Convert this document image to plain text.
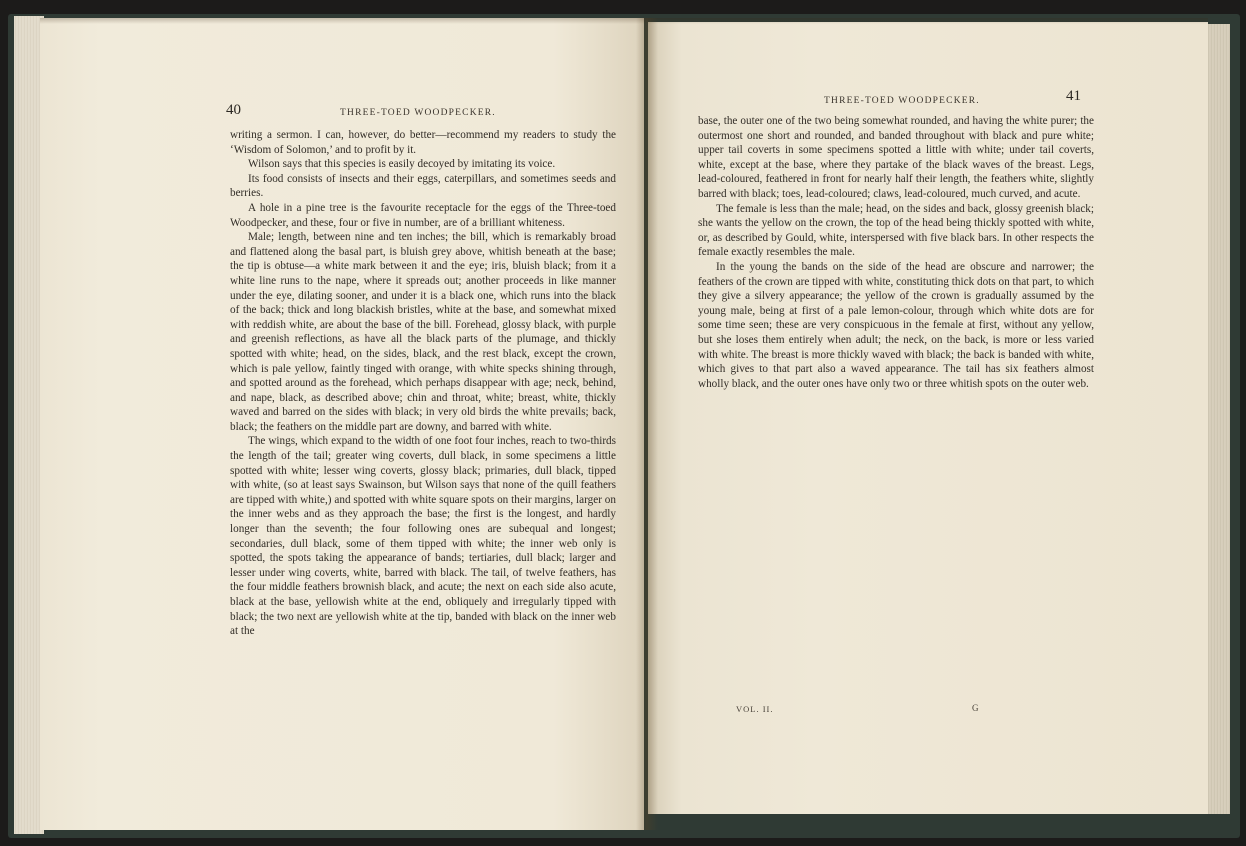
40	THREE-TOED WOODPECKER.

writing a sermon. I can, however, do better—recommend my readers to study the ‘Wisdom of Solomon,’ and to profit by it.

Wilson says that this species is easily decoyed by imitating its voice.

Its food consists of insects and their eggs, caterpillars, and sometimes seeds and berries.

A hole in a pine tree is the favourite receptacle for the eggs of the Three-toed Woodpecker, and these, four or five in number, are of a brilliant whiteness.

Male; length, between nine and ten inches; the bill, which is remarkably broad and flattened along the basal part, is bluish grey above, whitish beneath at the base; the tip is obtuse—a white mark between it and the eye; iris, bluish black; from it a white line runs to the nape, where it spreads out; another proceeds in like manner under the eye, dilating sooner, and under it is a black one, which runs into the black of the back; thick and long blackish bristles, white at the base, and somewhat mixed with reddish white, are about the base of the bill. Forehead, glossy black, with purple and greenish reflections, as have all the black parts of the plumage, and thickly spotted with white; head, on the sides, black, and the rest black, except the crown, which is pale yellow, faintly tinged with orange, with white specks shining through, and spotted around as the forehead, which perhaps disappear with age; neck, behind, and nape, black, as described above; chin and throat, white; breast, white, thickly waved and barred on the sides with black; in very old birds the white prevails; back, black; the feathers on the middle part are downy, and barred with white.

The wings, which expand to the width of one foot four inches, reach to two-thirds the length of the tail; greater wing coverts, dull black, in some specimens a little spotted with white; lesser wing coverts, glossy black; primaries, dull black, tipped with white, (so at least says Swainson, but Wilson says that none of the quill feathers are tipped with white,) and spotted with white square spots on their margins, larger on the inner webs and as they approach the base; the first is the longest, and hardly longer than the seventh; the four following ones are subequal and longest; secondaries, dull black, some of them tipped with white; the inner web only is spotted, the spots taking the appearance of bands; tertiaries, dull black; larger and lesser under wing coverts, white, barred with black. The tail, of twelve feathers, has the four middle feathers brownish black, and acute; the next on each side also acute, black at the base, yellowish white at the end, obliquely and irregularly tipped with black; the two next are yellowish white at the tip, banded with black on the inner web at the

THREE-TOED WOODPECKER.	41

base, the outer one of the two being somewhat rounded, and having the white purer; the outermost one short and rounded, and banded throughout with black and pure white; upper tail coverts in some specimens spotted a little with white; under tail coverts, white, except at the base, where they partake of the black waves of the breast. Legs, lead-coloured, feathered in front for nearly half their length, the feathers white, slightly barred with black; toes, lead-coloured; claws, lead-coloured, much curved, and acute.

The female is less than the male; head, on the sides and back, glossy greenish black; she wants the yellow on the crown, the top of the head being thickly spotted with white, or, as described by Gould, white, interspersed with five black bars. In other respects the female exactly resembles the male.

In the young the bands on the side of the head are obscure and narrower; the feathers of the crown are tipped with white, constituting thick dots on that part, to which they give a silvery appearance; the yellow of the crown is gradually assumed by the young male, being at first of a pale lemon-colour, through which white dots are for some time seen; these are very conspicuous in the female at first, without any yellow, but she loses them entirely when adult; the neck, on the back, is more or less varied with white. The breast is more thickly waved with black; the back is banded with white, which gives to that part also a waved appearance. The tail has six feathers almost wholly black, and the outer ones have only two or three whitish spots on the outer web.

VOL. II.	G
